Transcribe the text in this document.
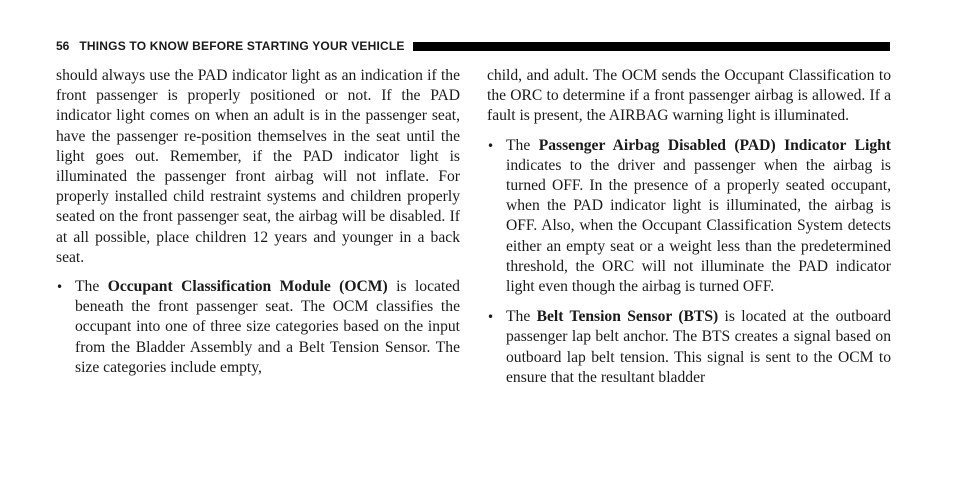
56 THINGS TO KNOW BEFORE STARTING YOUR VEHICLE

should always use the PAD indicator light as an indication if the front passenger is properly positioned or not. If the PAD indicator light comes on when an adult is in the passenger seat, have the passenger re-position themselves in the seat until the light goes out. Remember, if the PAD indicator light is illuminated the passenger front airbag will not inflate. For properly installed child restraint systems and children properly seated on the front passenger seat, the airbag will be disabled. If at all possible, place children 12 years and younger in a back seat.

• The Occupant Classification Module (OCM) is located beneath the front passenger seat. The OCM classifies the occupant into one of three size categories based on the input from the Bladder Assembly and a Belt Tension Sensor. The size categories include empty,

child, and adult. The OCM sends the Occupant Classification to the ORC to determine if a front passenger airbag is allowed. If a fault is present, the AIRBAG warning light is illuminated.

• The Passenger Airbag Disabled (PAD) Indicator Light indicates to the driver and passenger when the airbag is turned OFF. In the presence of a properly seated occupant, when the PAD indicator light is illuminated, the airbag is OFF. Also, when the Occupant Classification System detects either an empty seat or a weight less than the predetermined threshold, the ORC will not illuminate the PAD indicator light even though the airbag is turned OFF.
• The Belt Tension Sensor (BTS) is located at the outboard passenger lap belt anchor. The BTS creates a signal based on outboard lap belt tension. This signal is sent to the OCM to ensure that the resultant bladder
